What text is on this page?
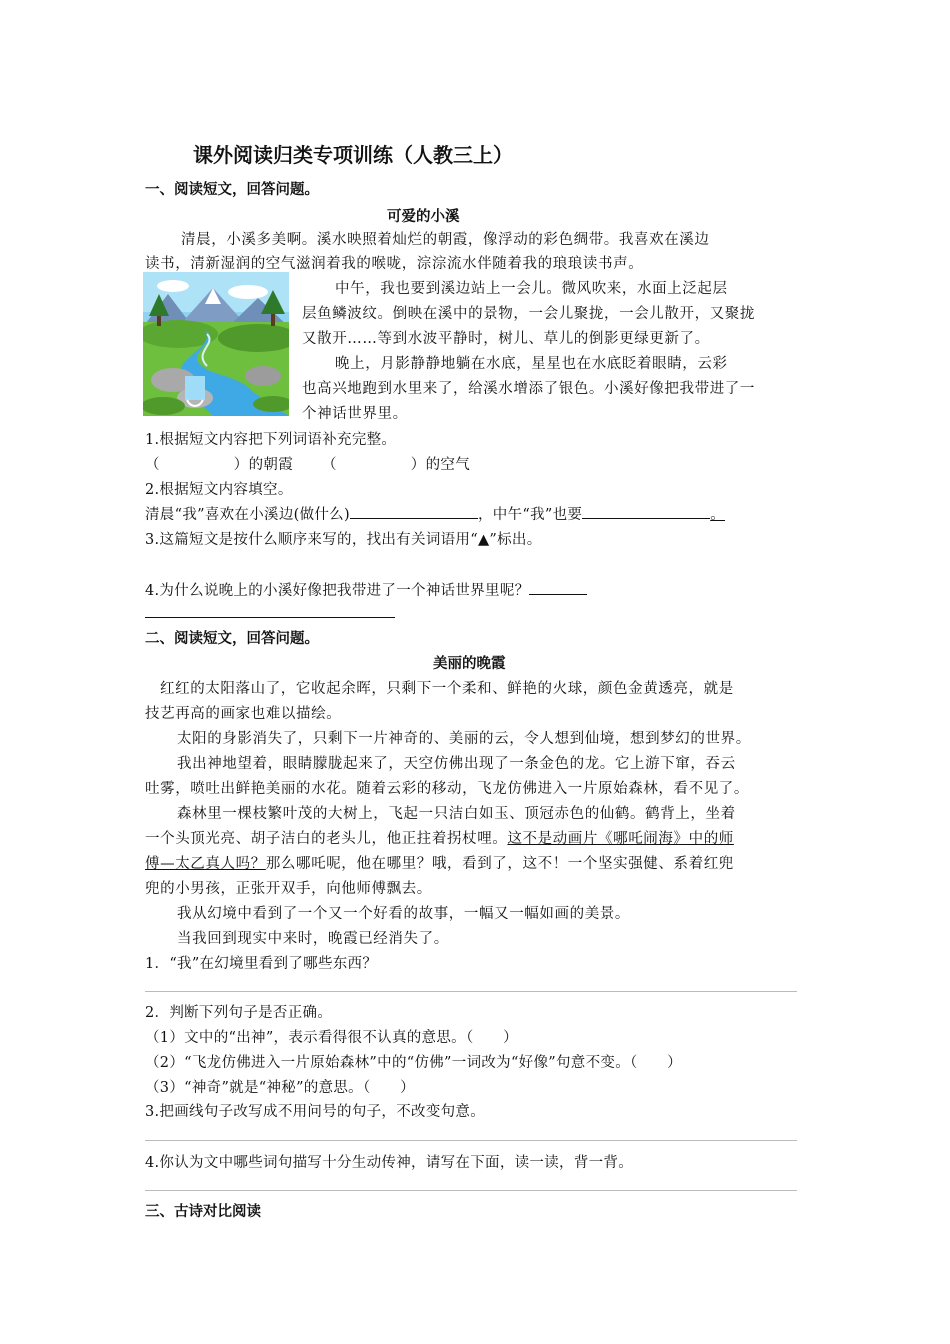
课外阅读归类专项训练（人教三上）
一、阅读短文，回答问题。
可爱的小溪
清晨，小溪多美啊。溪水映照着灿烂的朝霞，像浮动的彩色绸带。我喜欢在溪边
读书，清新湿润的空气滋润着我的喉咙，淙淙流水伴随着我的琅琅读书声。
中午，我也要到溪边站上一会儿。微风吹来，水面上泛起层
层鱼鳞波纹。倒映在溪中的景物，一会儿聚拢，一会儿散开，又聚拢
又散开……等到水波平静时，树儿、草儿的倒影更绿更新了。
晚上，月影静静地躺在水底，星星也在水底眨着眼睛，云彩
也高兴地跑到水里来了，给溪水增添了银色。小溪好像把我带进了一
个神话世界里。
1.根据短文内容把下列词语补充完整。
（　　　　　）的朝霞 （　　　　　）的空气
2.根据短文内容填空。
清晨“我”喜欢在小溪边(做什么)	，中午“我”也要	。
3.这篇短文是按什么顺序来写的，找出有关词语用“▲”标出。
4.为什么说晚上的小溪好像把我带进了一个神话世界里呢？
二、阅读短文，回答问题。
美丽的晚霞
红红的太阳落山了，它收起余晖，只剩下一个柔和、鲜艳的火球，颜色金黄透亮，就是
技艺再高的画家也难以描绘。
太阳的身影消失了，只剩下一片神奇的、美丽的云，令人想到仙境，想到梦幻的世界。
我出神地望着，眼睛朦胧起来了，天空仿佛出现了一条金色的龙。它上游下窜，吞云
吐雾，喷吐出鲜艳美丽的水花。随着云彩的移动，飞龙仿佛进入一片原始森林，看不见了。
森林里一棵枝繁叶茂的大树上，飞起一只洁白如玉、顶冠赤色的仙鹤。鹤背上，坐着
一个头顶光亮、胡子洁白的老头儿，他正拄着拐杖哩。这不是动画片《哪吒闹海》中的师
傅—太乙真人吗？那么哪吒呢，他在哪里？哦，看到了，这不！一个坚实强健、系着红兜
兜的小男孩，正张开双手，向他师傅飘去。
我从幻境中看到了一个又一个好看的故事，一幅又一幅如画的美景。
当我回到现实中来时，晚霞已经消失了。
1．“我”在幻境里看到了哪些东西？
2．判断下列句子是否正确。
（1）文中的“出神”，表示看得很不认真的意思。（　　）
（2）“飞龙仿佛进入一片原始森林”中的“仿佛”一词改为“好像”句意不变。（　　）
（3）“神奇”就是“神秘”的意思。（　　）
3.把画线句子改写成不用问号的句子，不改变句意。
4.你认为文中哪些词句描写十分生动传神，请写在下面，读一读，背一背。
三、古诗对比阅读
